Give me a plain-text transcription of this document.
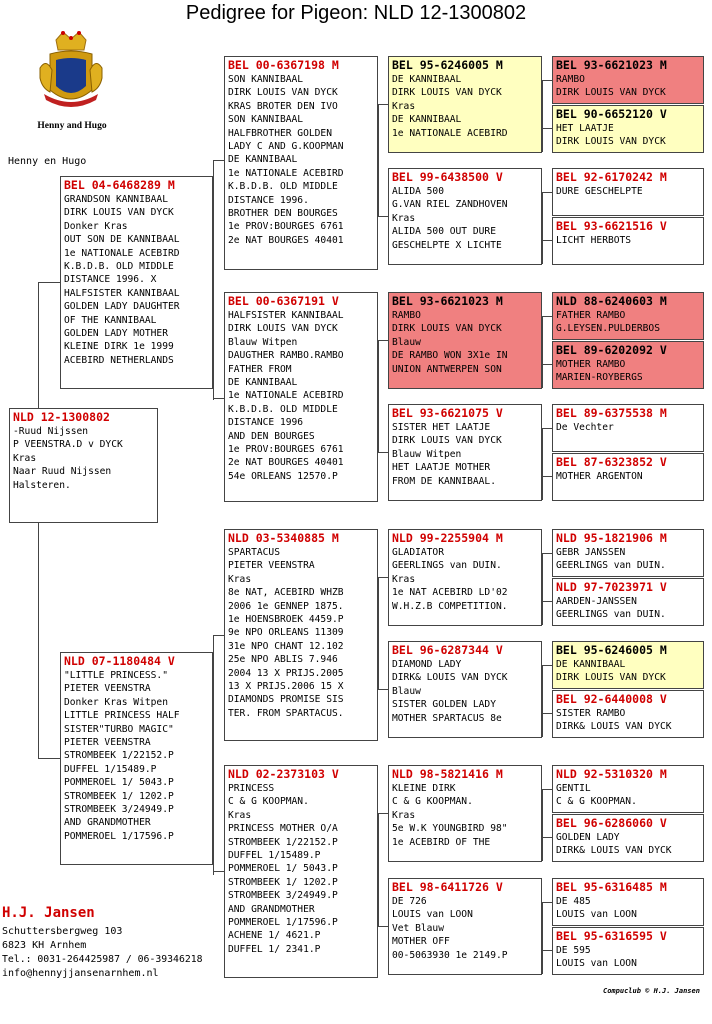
Pedigree for Pigeon: NLD 12-1300802
Henny and Hugo
Henny en Hugo
NLD 12-1300802
-Ruud Nijssen
P VEENSTRA.D v DYCK
Kras
Naar Ruud Nijssen
Halsteren.
BEL 04-6468289 M
GRANDSON KANNIBAAL
DIRK LOUIS VAN DYCK
Donker Kras
OUT SON DE KANNIBAAL
1e NATIONALE ACEBIRD
K.B.D.B. OLD MIDDLE
DISTANCE 1996. X
HALFSISTER KANNIBAAL
GOLDEN LADY DAUGHTER
OF THE KANNIBAAL
GOLDEN LADY MOTHER
KLEINE DIRK 1e 1999
ACEBIRD NETHERLANDS
NLD 07-1180484 V
"LITTLE PRINCESS."
PIETER VEENSTRA
Donker Kras Witpen
LITTLE PRINCESS HALF
SISTER"TURBO MAGIC"
PIETER VEENSTRA
STROMBEEK 1/22152.P
DUFFEL 1/15489.P
POMMEROEL 1/ 5043.P
STROMBEEK 1/ 1202.P
STROMBEEK 3/24949.P
AND GRANDMOTHER
POMMEROEL 1/17596.P
BEL 00-6367198 M
SON KANNIBAAL
DIRK LOUIS VAN DYCK
KRAS BROTER DEN IVO
SON KANNIBAAL
HALFBROTHER GOLDEN
LADY C AND G.KOOPMAN
DE KANNIBAAL
1e NATIONALE ACEBIRD
K.B.D.B. OLD MIDDLE
DISTANCE 1996.
BROTHER DEN BOURGES
1e PROV:BOURGES 6761
2e NAT BOURGES 40401
BEL 00-6367191 V
HALFSISTER KANNIBAAL
DIRK LOUIS VAN DYCK
Blauw Witpen
DAUGTHER RAMBO.RAMBO
FATHER FROM
DE KANNIBAAL
1e NATIONALE ACEBIRD
K.B.D.B. OLD MIDDLE
DISTANCE 1996
AND DEN BOURGES
1e PROV:BOURGES 6761
2e NAT BOURGES 40401
54e ORLEANS 12570.P
NLD 03-5340885 M
SPARTACUS
PIETER VEENSTRA
Kras
8e NAT, ACEBIRD WHZB
2006 1e GENNEP 1875.
1e HOENSBROEK 4459.P
9e NPO ORLEANS 11309
31e NPO CHANT 12.102
25e NPO ABLIS 7.946
2004 13 X PRIJS.2005
13 X PRIJS.2006 15 X
DIAMONDS PROMISE SIS
TER. FROM SPARTACUS.
NLD 02-2373103 V
PRINCESS
C & G KOOPMAN.
Kras
PRINCESS MOTHER O/A
STROMBEEK 1/22152.P
DUFFEL 1/15489.P
POMMEROEL 1/ 5043.P
STROMBEEK 1/ 1202.P
STROMBEEK 3/24949.P
AND GRANDMOTHER
POMMEROEL 1/17596.P
ACHENE 1/ 4621.P
DUFFEL 1/ 2341.P
BEL 95-6246005 M
DE KANNIBAAL
DIRK LOUIS VAN DYCK
Kras
DE KANNIBAAL
1e NATIONALE ACEBIRD
BEL 99-6438500 V
ALIDA 500
G.VAN RIEL ZANDHOVEN
Kras
ALIDA 500 OUT DURE
GESCHELPTE X LICHTE
BEL 93-6621023 M
RAMBO
DIRK LOUIS VAN DYCK
Blauw
DE RAMBO WON 3X1e IN
UNION ANTWERPEN SON
BEL 93-6621075 V
SISTER HET LAATJE
DIRK LOUIS VAN DYCK
Blauw Witpen
HET LAATJE MOTHER
FROM DE KANNIBAAL.
NLD 99-2255904 M
GLADIATOR
GEERLINGS van DUIN.
Kras
1e NAT ACEBIRD LD'02
W.H.Z.B COMPETITION.
BEL 96-6287344 V
DIAMOND LADY
DIRK& LOUIS VAN DYCK
Blauw
SISTER GOLDEN LADY
MOTHER SPARTACUS 8e
NLD 98-5821416 M
KLEINE DIRK
C & G KOOPMAN.
Kras
5e W.K YOUNGBIRD 98"
1e ACEBIRD OF THE
BEL 98-6411726 V
DE 726
LOUIS van LOON
Vet Blauw
MOTHER OFF
00-5063930 1e 2149.P
BEL 93-6621023 M
RAMBO
DIRK LOUIS VAN DYCK
BEL 90-6652120 V
HET LAATJE
DIRK LOUIS VAN DYCK
BEL 92-6170242 M
DURE GESCHELPTE
BEL 93-6621516 V
LICHT HERBOTS
NLD 88-6240603 M
FATHER RAMBO
G.LEYSEN.PULDERBOS
BEL 89-6202092 V
MOTHER RAMBO
MARIEN-ROYBERGS
BEL 89-6375538 M
De Vechter
BEL 87-6323852 V
MOTHER ARGENTON
NLD 95-1821906 M
GEBR JANSSEN
GEERLINGS van DUIN.
NLD 97-7023971 V
AARDEN-JANSSEN
GEERLINGS van DUIN.
BEL 95-6246005 M
DE KANNIBAAL
DIRK LOUIS VAN DYCK
BEL 92-6440008 V
SISTER RAMBO
DIRK& LOUIS VAN DYCK
NLD 92-5310320 M
GENTIL
C & G KOOPMAN.
BEL 96-6286060 V
GOLDEN LADY
DIRK& LOUIS VAN DYCK
BEL 95-6316485 M
DE 485
LOUIS van LOON
BEL 95-6316595 V
DE 595
LOUIS van LOON
H.J. Jansen
Schuttersbergweg 103
6823 KH Arnhem
Tel.: 0031-264425987 / 06-39346218
info@hennyjjansenarnhem.nl
Compuclub © H.J. Jansen
